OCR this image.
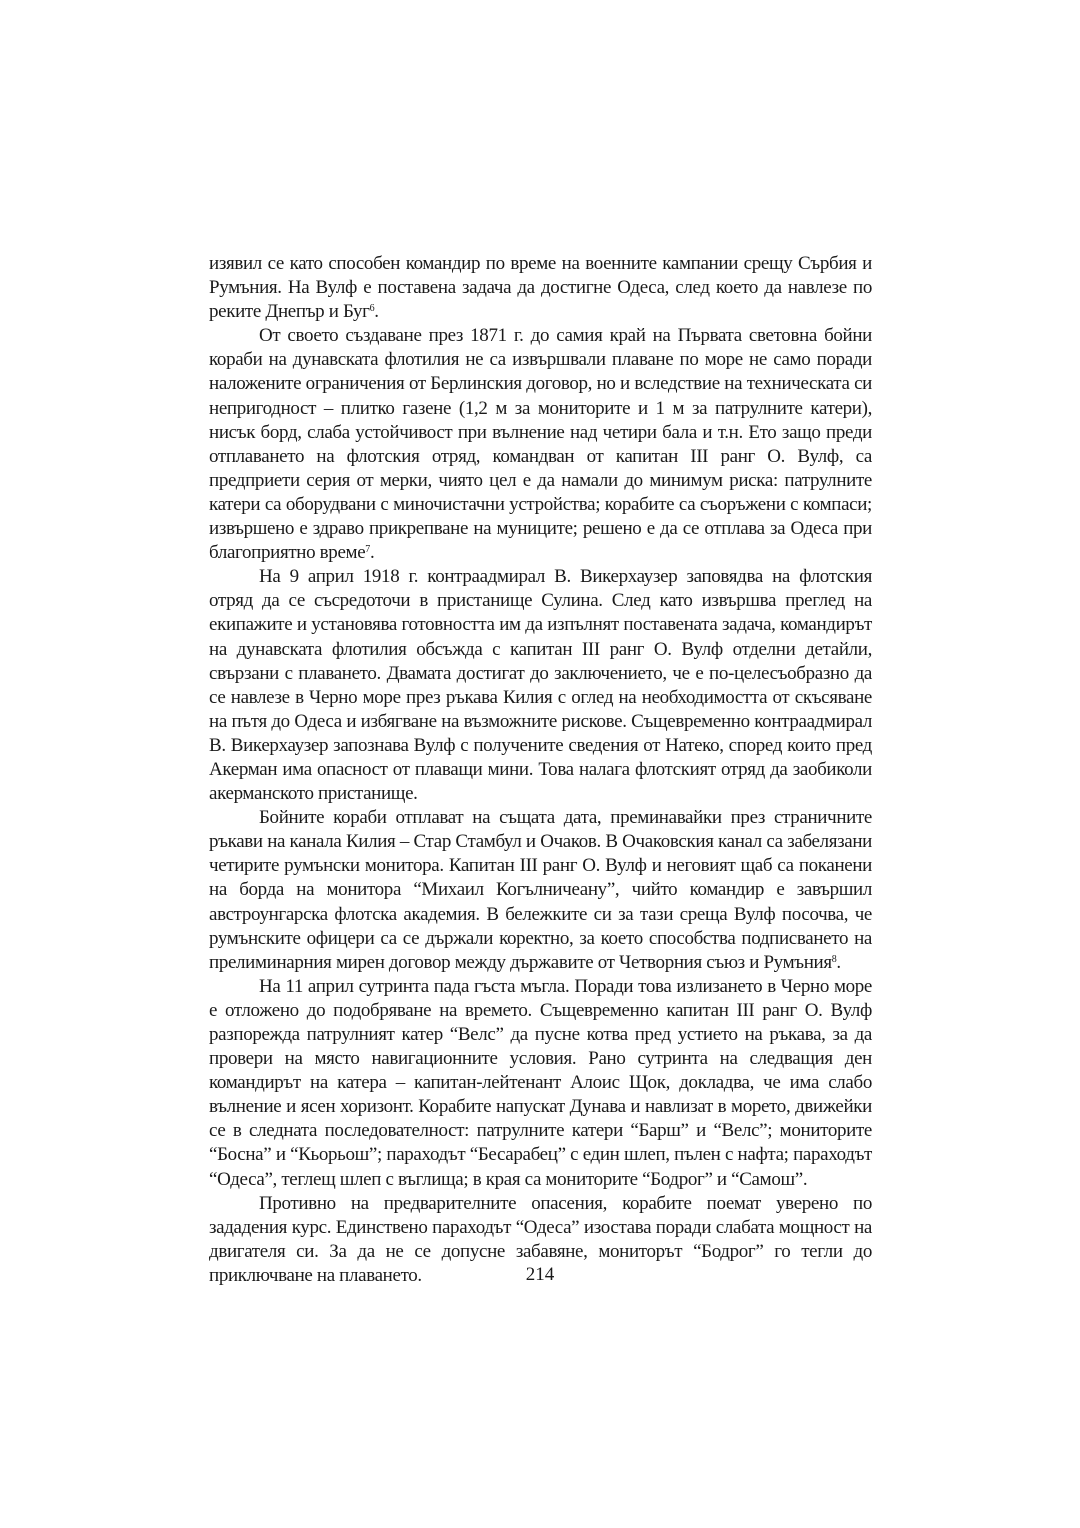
изявил се като способен командир по време на военните кампании срещу Сърбия и Румъния. На Вулф е поставена задача да достигне Одеса, след което да навлезе по реките Днепър и Буг$^6$.

От своето създаване през 1871 г. до самия край на Първата световна бойни кораби на дунавската флотилия не са извършвали плаване по море не само поради наложените ограничения от Берлинския договор, но и вследствие на техническата си непригодност – плитко газене (1,2 м за мониторите и 1 м за патрулните катери), нисък борд, слаба устойчивост при вълнение над четири бала и т.н. Ето защо преди отплаването на флотския отряд, командван от капитан III ранг О. Вулф, са предприети серия от мерки, чиято цел е да намали до минимум риска: патрулните катери са оборудвани с миночистачни устройства; корабите са съоръжени с компаси; извършено е здраво прикрепване на муниците; решено е да се отплава за Одеса при благоприятно време$^7$.

На 9 април 1918 г. контраадмирал В. Викерхаузер заповядва на флотския отряд да се съсредоточи в пристанище Сулина. След като извършва преглед на екипажите и установява готовността им да изпълнят поставената задача, командирът на дунавската флотилия обсъжда с капитан III ранг О. Вулф отделни детайли, свързани с плаването. Двамата достигат до заключението, че е по-целесъобразно да се навлезе в Черно море през ръкава Килия с оглед на необходимостта от скъсяване на пътя до Одеса и избягване на възможните рискове. Същевременно контраадмирал В. Викерхаузер запознава Вулф с получените сведения от Натеко, според които пред Акерман има опасност от плаващи мини. Това налага флотският отряд да заобиколи акерманското пристанище.

Бойните кораби отплават на същата дата, преминавайки през страничните ръкави на канала Килия – Стар Стамбул и Очаков. В Очаковския канал са забелязани четирите румънски монитора. Капитан III ранг О. Вулф и неговият щаб са поканени на борда на монитора “Михаил Когълничеану”, чийто командир е завършил австроунгарска флотска академия. В бележките си за тази среща Вулф посочва, че румънските офицери са се държали коректно, за което способства подписването на прелиминарния мирен договор между държавите от Четворния съюз и Румъния$^8$.

На 11 април сутринта пада гъста мъгла. Поради това излизането в Черно море е отложено до подобряване на времето. Същевременно капитан III ранг О. Вулф разпорежда патрулният катер “Велс” да пусне котва пред устието на ръкава, за да провери на място навигационните условия. Рано сутринта на следващия ден командирът на катера – капитан-лейтенант Алоис Щок, докладва, че има слабо вълнение и ясен хоризонт. Корабите напускат Дунава и навлизат в морето, движейки се в следната последователност: патрулните катери “Барш” и “Велс”; мониторите “Босна” и “Кьорьош”; параходът “Бесарабец” с един шлеп, пълен с нафта; параходът “Одеса”, теглещ шлеп с въглища; в края са мониторите “Бодрог” и “Самош”.

Противно на предварителните опасения, корабите поемат уверено по зададения курс. Единствено параходът “Одеса” изостава поради слабата мощност на двигателя си. За да не се допусне забавяне, мониторът “Бодрог” го тегли до приключване на плаването.	214
